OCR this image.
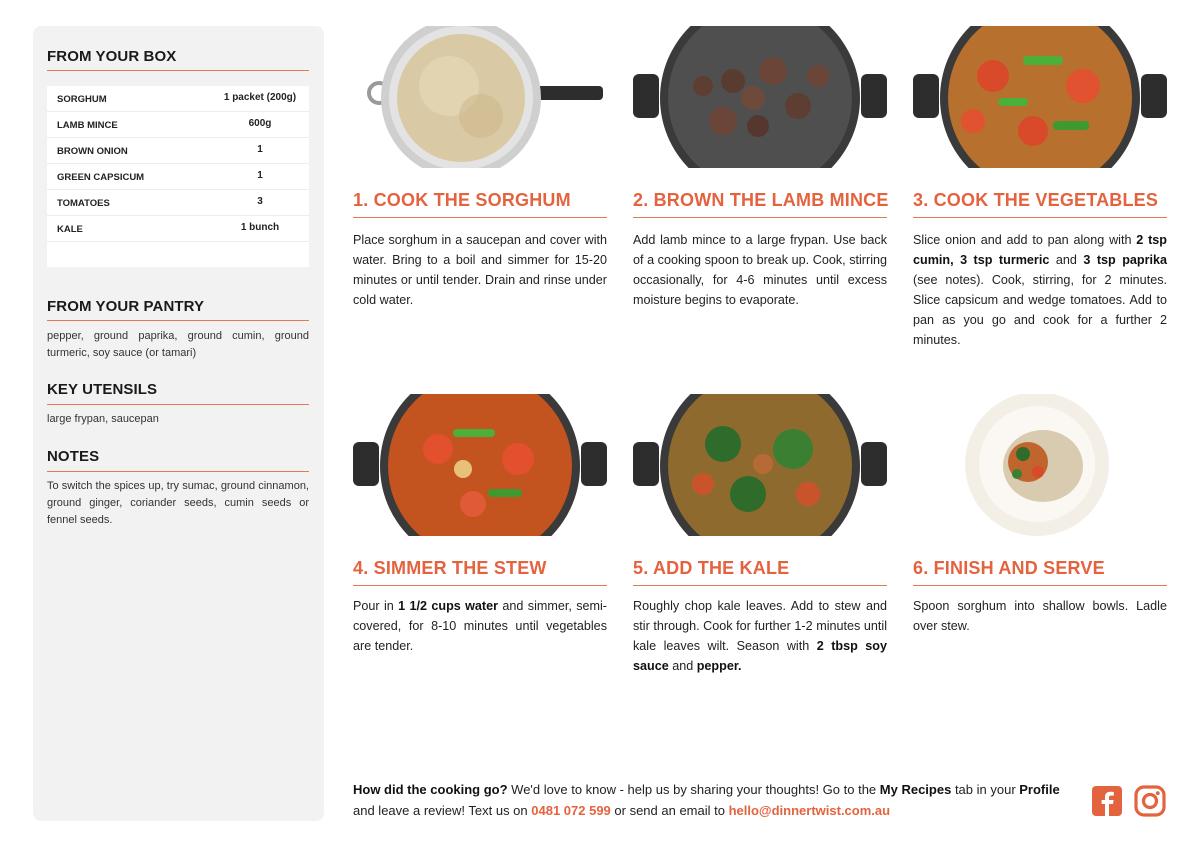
FROM YOUR BOX
SORGHUM	1 packet (200g)
LAMB MINCE	600g
BROWN ONION	1
GREEN CAPSICUM	1
TOMATOES	3
KALE	1 bunch
FROM YOUR PANTRY
pepper, ground paprika, ground cumin, ground turmeric, soy sauce (or tamari)
KEY UTENSILS
large frypan, saucepan
NOTES
To switch the spices up, try sumac, ground cinnamon, ground ginger, coriander seeds, cumin seeds or fennel seeds.
1. COOK THE SORGHUM
Place sorghum in a saucepan and cover with water. Bring to a boil and simmer for 15-20 minutes or until tender. Drain and rinse under cold water.
2. BROWN THE LAMB MINCE
Add lamb mince to a large frypan. Use back of a cooking spoon to break up. Cook, stirring occasionally, for 4-6 minutes until excess moisture begins to evaporate.
3. COOK THE VEGETABLES
Slice onion and add to pan along with 2 tsp cumin, 3 tsp turmeric and 3 tsp paprika (see notes). Cook, stirring, for 2 minutes. Slice capsicum and wedge tomatoes. Add to pan as you go and cook for a further 2 minutes.
4. SIMMER THE STEW
Pour in 1 1/2 cups water and simmer, semi-covered, for 8-10 minutes until vegetables are tender.
5. ADD THE KALE
Roughly chop kale leaves. Add to stew and stir through. Cook for further 1-2 minutes until kale leaves wilt. Season with 2 tbsp soy sauce and pepper.
6. FINISH AND SERVE
Spoon sorghum into shallow bowls. Ladle over stew.
How did the cooking go? We'd love to know - help us by sharing your thoughts! Go to the My Recipes tab in your Profile and leave a review! Text us on 0481 072 599 or send an email to hello@dinnertwist.com.au
